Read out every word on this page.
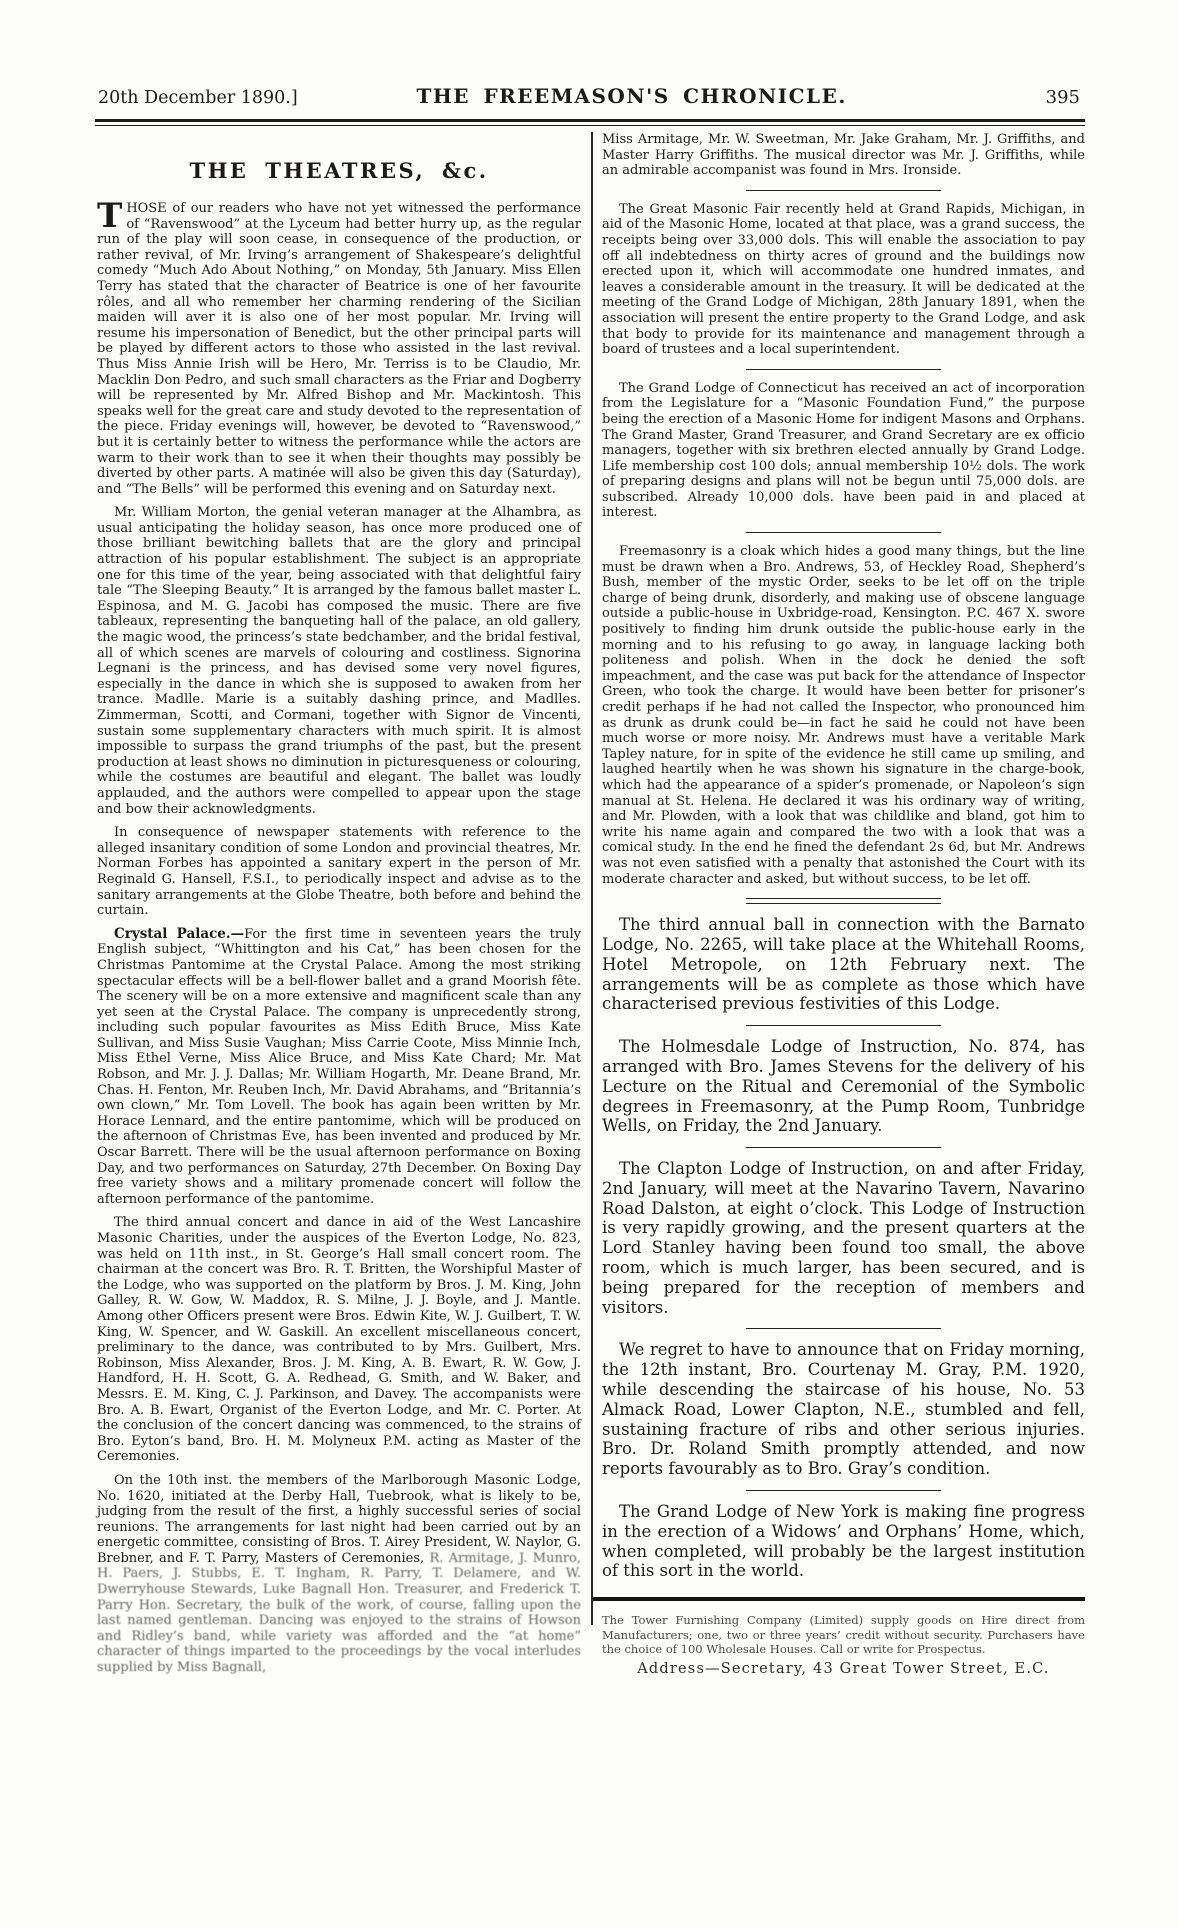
20th December 1890.]	THE FREEMASON'S CHRONICLE.	395
THE THEATRES, &c.

THOSE of our readers who have not yet witnessed the performance of “Ravenswood” at the Lyceum had better hurry up, as the regular run of the play will soon cease, in consequence of the production, or rather revival, of Mr. Irving’s arrangement of Shakespeare’s delightful comedy “Much Ado About Nothing,” on Monday, 5th January. Miss Ellen Terry has stated that the character of Beatrice is one of her favourite rôles, and all who remember her charming rendering of the Sicilian maiden will aver it is also one of her most popular. Mr. Irving will resume his impersonation of Benedict, but the other principal parts will be played by different actors to those who assisted in the last revival. Thus Miss Annie Irish will be Hero, Mr. Terriss is to be Claudio, Mr. Macklin Don Pedro, and such small characters as the Friar and Dogberry will be represented by Mr. Alfred Bishop and Mr. Mackintosh. This speaks well for the great care and study devoted to the representation of the piece. Friday evenings will, however, be devoted to “Ravenswood,” but it is certainly better to witness the performance while the actors are warm to their work than to see it when their thoughts may possibly be diverted by other parts. A matinée will also be given this day (Saturday), and “The Bells” will be performed this evening and on Saturday next.

Mr. William Morton, the genial veteran manager at the Alhambra, as usual anticipating the holiday season, has once more produced one of those brilliant bewitching ballets that are the glory and principal attraction of his popular establishment. The subject is an appropriate one for this time of the year, being associated with that delightful fairy tale “The Sleeping Beauty.” It is arranged by the famous ballet master L. Espinosa, and M. G. Jacobi has composed the music. There are five tableaux, representing the banqueting hall of the palace, an old gallery, the magic wood, the princess’s state bedchamber, and the bridal festival, all of which scenes are marvels of colouring and costliness. Signorina Legnani is the princess, and has devised some very novel figures, especially in the dance in which she is supposed to awaken from her trance. Madlle. Marie is a suitably dashing prince, and Madlles. Zimmerman, Scotti, and Cormani, together with Signor de Vincenti, sustain some supplementary characters with much spirit. It is almost impossible to surpass the grand triumphs of the past, but the present production at least shows no diminution in picturesqueness or colouring, while the costumes are beautiful and elegant. The ballet was loudly applauded, and the authors were compelled to appear upon the stage and bow their acknowledgments.

In consequence of newspaper statements with reference to the alleged insanitary condition of some London and provincial theatres, Mr. Norman Forbes has appointed a sanitary expert in the person of Mr. Reginald G. Hansell, F.S.I., to periodically inspect and advise as to the sanitary arrangements at the Globe Theatre, both before and behind the curtain.

Crystal Palace.—For the first time in seventeen years the truly English subject, “Whittington and his Cat,” has been chosen for the Christmas Pantomime at the Crystal Palace. Among the most striking spectacular effects will be a bell-flower ballet and a grand Moorish fête. The scenery will be on a more extensive and magnificent scale than any yet seen at the Crystal Palace. The company is unprecedently strong, including such popular favourites as Miss Edith Bruce, Miss Kate Sullivan, and Miss Susie Vaughan; Miss Carrie Coote, Miss Minnie Inch, Miss Ethel Verne, Miss Alice Bruce, and Miss Kate Chard; Mr. Mat Robson, and Mr. J. J. Dallas; Mr. William Hogarth, Mr. Deane Brand, Mr. Chas. H. Fenton, Mr. Reuben Inch, Mr. David Abrahams, and “Britannia’s own clown,” Mr. Tom Lovell. The book has again been written by Mr. Horace Lennard, and the entire pantomime, which will be produced on the afternoon of Christmas Eve, has been invented and produced by Mr. Oscar Barrett. There will be the usual afternoon performance on Boxing Day, and two performances on Saturday, 27th December. On Boxing Day free variety shows and a military promenade concert will follow the afternoon performance of the pantomime.

The third annual concert and dance in aid of the West Lancashire Masonic Charities, under the auspices of the Everton Lodge, No. 823, was held on 11th inst., in St. George’s Hall small concert room. The chairman at the concert was Bro. R. T. Britten, the Worshipful Master of the Lodge, who was supported on the platform by Bros. J. M. King, John Galley, R. W. Gow, W. Maddox, R. S. Milne, J. J. Boyle, and J. Mantle. Among other Officers present were Bros. Edwin Kite, W. J. Guilbert, T. W. King, W. Spencer, and W. Gaskill. An excellent miscellaneous concert, preliminary to the dance, was contributed to by Mrs. Guilbert, Mrs. Robinson, Miss Alexander, Bros. J. M. King, A. B. Ewart, R. W. Gow, J. Handford, H. H. Scott, G. A. Redhead, G. Smith, and W. Baker, and Messrs. E. M. King, C. J. Parkinson, and Davey. The accompanists were Bro. A. B. Ewart, Organist of the Everton Lodge, and Mr. C. Porter. At the conclusion of the concert dancing was commenced, to the strains of Bro. Eyton’s band, Bro. H. M. Molyneux P.M. acting as Master of the Ceremonies.

On the 10th inst. the members of the Marlborough Masonic Lodge, No. 1620, initiated at the Derby Hall, Tuebrook, what is likely to be, judging from the result of the first, a highly successful series of social reunions. The arrangements for last night had been carried out by an energetic committee, consisting of Bros. T. Airey President, W. Naylor, G. Brebner, and F. T. Parry, Masters of Ceremonies, R. Armitage, J. Munro, H. Paers, J. Stubbs, E. T. Ingham, R. Parry, T. Delamere, and W. Dwerryhouse Stewards, Luke Bagnall Hon. Treasurer, and Frederick T. Parry Hon. Secretary, the bulk of the work, of course, falling upon the last named gentleman. Dancing was enjoyed to the strains of Howson and Ridley’s band, while variety was afforded and the “at home” character of things imparted to the proceedings by the vocal interludes supplied by Miss Bagnall,

Miss Armitage, Mr. W. Sweetman, Mr. Jake Graham, Mr. J. Griffiths, and Master Harry Griffiths. The musical director was Mr. J. Griffiths, while an admirable accompanist was found in Mrs. Ironside.

The Great Masonic Fair recently held at Grand Rapids, Michigan, in aid of the Masonic Home, located at that place, was a grand success, the receipts being over 33,000 dols. This will enable the association to pay off all indebtedness on thirty acres of ground and the buildings now erected upon it, which will accommodate one hundred inmates, and leaves a considerable amount in the treasury. It will be dedicated at the meeting of the Grand Lodge of Michigan, 28th January 1891, when the association will present the entire property to the Grand Lodge, and ask that body to provide for its maintenance and management through a board of trustees and a local superintendent.

The Grand Lodge of Connecticut has received an act of incorporation from the Legislature for a “Masonic Foundation Fund,” the purpose being the erection of a Masonic Home for indigent Masons and Orphans. The Grand Master, Grand Treasurer, and Grand Secretary are ex officio managers, together with six brethren elected annually by Grand Lodge. Life membership cost 100 dols; annual membership 10½ dols. The work of preparing designs and plans will not be begun until 75,000 dols. are subscribed. Already 10,000 dols. have been paid in and placed at interest.

Freemasonry is a cloak which hides a good many things, but the line must be drawn when a Bro. Andrews, 53, of Heckley Road, Shepherd’s Bush, member of the mystic Order, seeks to be let off on the triple charge of being drunk, disorderly, and making use of obscene language outside a public-house in Uxbridge-road, Kensington. P.C. 467 X. swore positively to finding him drunk outside the public-house early in the morning and to his refusing to go away, in language lacking both politeness and polish. When in the dock he denied the soft impeachment, and the case was put back for the attendance of Inspector Green, who took the charge. It would have been better for prisoner’s credit perhaps if he had not called the Inspector, who pronounced him as drunk as drunk could be—in fact he said he could not have been much worse or more noisy. Mr. Andrews must have a veritable Mark Tapley nature, for in spite of the evidence he still came up smiling, and laughed heartily when he was shown his signature in the charge-book, which had the appearance of a spider’s promenade, or Napoleon’s sign manual at St. Helena. He declared it was his ordinary way of writing, and Mr. Plowden, with a look that was childlike and bland, got him to write his name again and compared the two with a look that was a comical study. In the end he fined the defendant 2s 6d, but Mr. Andrews was not even satisfied with a penalty that astonished the Court with its moderate character and asked, but without success, to be let off.

The third annual ball in connection with the Barnato Lodge, No. 2265, will take place at the Whitehall Rooms, Hotel Metropole, on 12th February next. The arrangements will be as complete as those which have characterised previous festivities of this Lodge.

The Holmesdale Lodge of Instruction, No. 874, has arranged with Bro. James Stevens for the delivery of his Lecture on the Ritual and Ceremonial of the Symbolic degrees in Freemasonry, at the Pump Room, Tunbridge Wells, on Friday, the 2nd January.

The Clapton Lodge of Instruction, on and after Friday, 2nd January, will meet at the Navarino Tavern, Navarino Road Dalston, at eight o’clock. This Lodge of Instruction is very rapidly growing, and the present quarters at the Lord Stanley having been found too small, the above room, which is much larger, has been secured, and is being prepared for the reception of members and visitors.

We regret to have to announce that on Friday morning, the 12th instant, Bro. Courtenay M. Gray, P.M. 1920, while descending the staircase of his house, No. 53 Almack Road, Lower Clapton, N.E., stumbled and fell, sustaining fracture of ribs and other serious injuries. Bro. Dr. Roland Smith promptly attended, and now reports favourably as to Bro. Gray’s condition.

The Grand Lodge of New York is making fine progress in the erection of a Widows’ and Orphans’ Home, which, when completed, will probably be the largest institution of this sort in the world.

The Tower Furnishing Company (Limited) supply goods on Hire direct from Manufacturers; one, two or three years’ credit without security. Purchasers have the choice of 100 Wholesale Houses. Call or write for Prospectus.

Address—Secretary, 43 Great Tower Street, E.C.
